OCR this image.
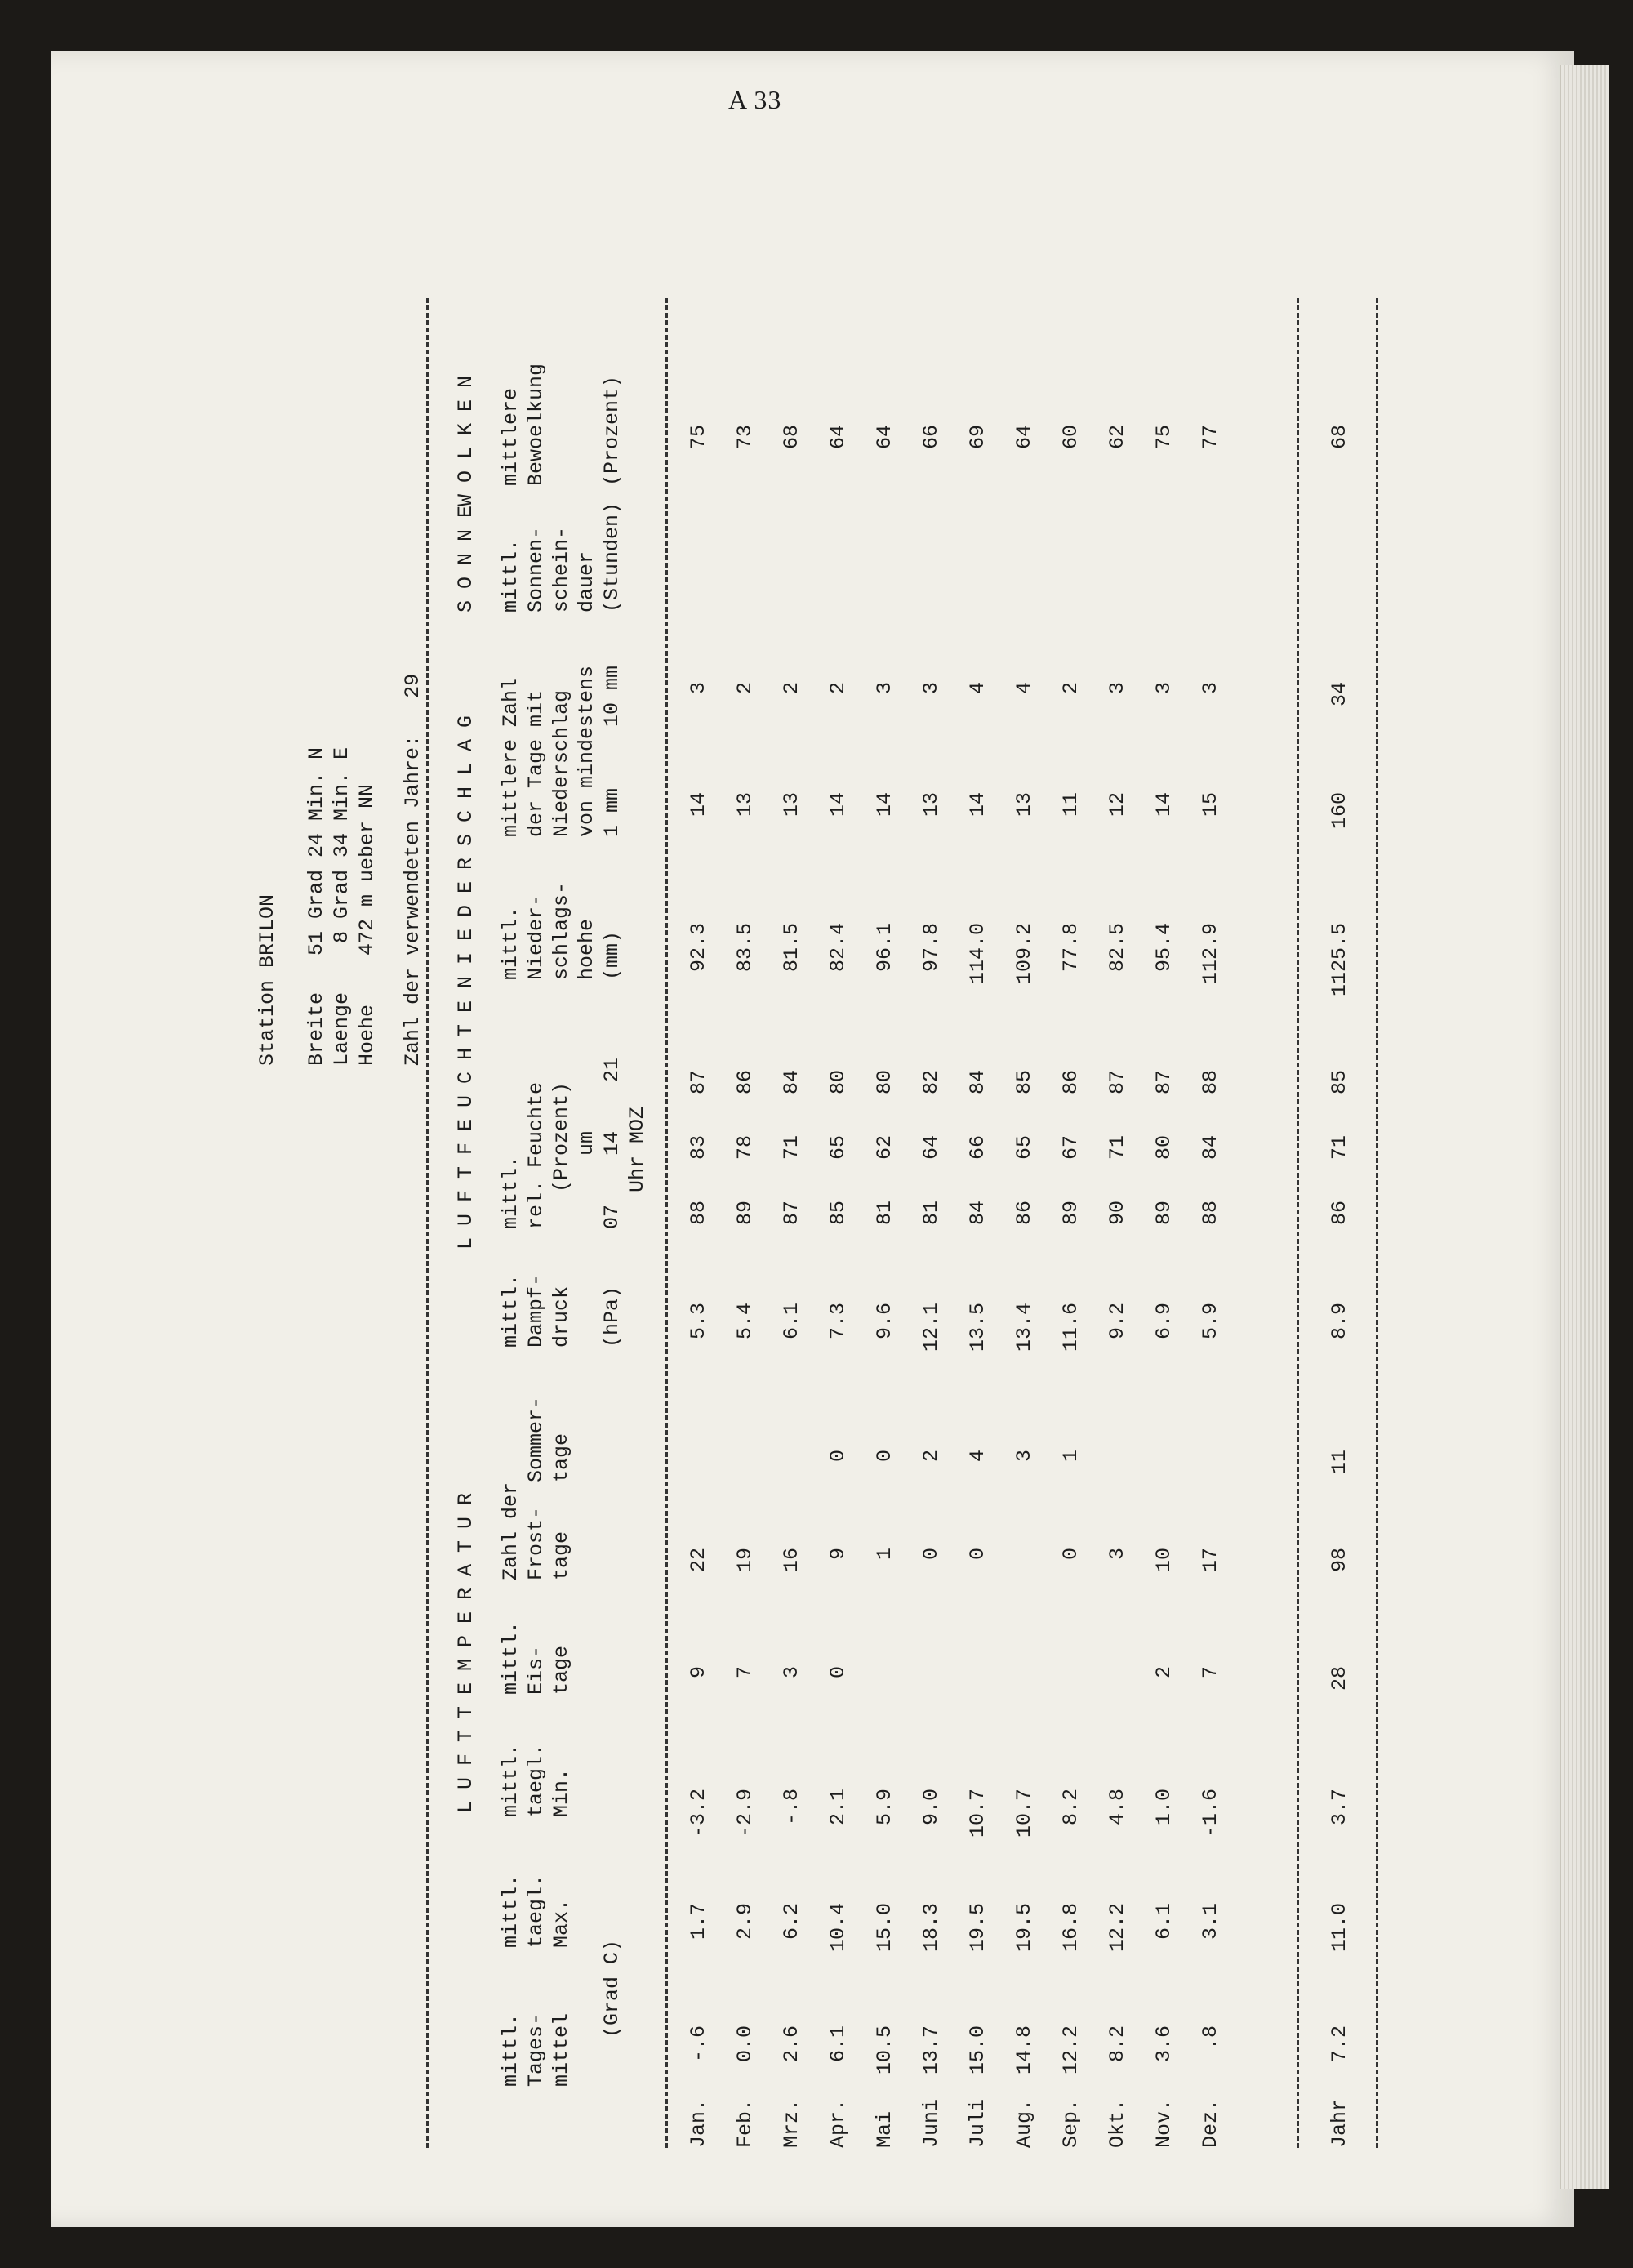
A 33
Station BRILON Breite   51 Grad 24 Min. N Laenge    8 Grad 34 Min. E Hoehe    472 m ueber NN Zahl der verwendeten Jahre:   29
LUFTTEMPERATUR
LUFTFEUCHTE
NIEDERSCHLAG
SONNE
WOLKEN
mittl.
Tages-
mittel

(Grad C)
mittl.
taegl.
Max.
mittl.
taegl.
Min.
mittl.
Eis-
tage
Zahl der
Frost-
tage

Sommer-
tage
mittl.
Dampf-
druck

(hPa)
mittl.
rel. Feuchte
(Prozent)
um
07    14    21
Uhr MOZ
mittl.
Nieder-
schlags-
hoehe
(mm)
mittlere Zahl
der Tage mit
Niederschlag
von mindestens
1 mm     10 mm
mittl.
Sonnen-
schein-
dauer
(Stunden)
mittlere
Bewoelkung

(Prozent)
Jan.
-.6
1.7
-3.2
9
22
5.3
88
83
87
92.3
14
3
75
Feb.
0.0
2.9
-2.9
7
19
5.4
89
78
86
83.5
13
2
73
Mrz.
2.6
6.2
-.8
3
16
6.1
87
71
84
81.5
13
2
68
Apr.
6.1
10.4
2.1
0
9
0
7.3
85
65
80
82.4
14
2
64
Mai
10.5
15.0
5.9
1
0
9.6
81
62
80
96.1
14
3
64
Juni
13.7
18.3
9.0
0
2
12.1
81
64
82
97.8
13
3
66
Juli
15.0
19.5
10.7
0
4
13.5
84
66
84
114.0
14
4
69
Aug.
14.8
19.5
10.7
3
13.4
86
65
85
109.2
13
4
64
Sep.
12.2
16.8
8.2
0
1
11.6
89
67
86
77.8
11
2
60
Okt.
8.2
12.2
4.8
3
9.2
90
71
87
82.5
12
3
62
Nov.
3.6
6.1
1.0
2
10
6.9
89
80
87
95.4
14
3
75
Dez.
.8
3.1
-1.6
7
17
5.9
88
84
88
112.9
15
3
77
Jahr
7.2
11.0
3.7
28
98
11
8.9
86
71
85
1125.5
160
34
68
